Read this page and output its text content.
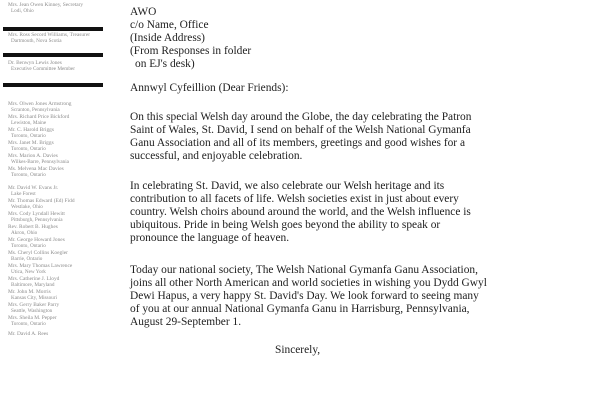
Mrs. Jean Owen Kinney, Secretary
Lodi, Ohio
Mrs. Ross Secord Williams, Treasurer
Dartmouth, Nova Scotia
Dr. Benwyn Lewis Jones
Executive Committee Member
Mrs. Olwen Jones Armstrong
Scranton, Pennsylvania
Mrs. Richard Price Bickford
Lewiston, Maine
Mr. C. Harold Briggs
Toronto, Ontario
Mrs. Janet M. Briggs
Toronto, Ontario
Mrs. Marion A. Davies
Wilkes-Barre, Pennsylvania
Ms. Melvena Mac Davies
Toronto, Ontario
Mr. David W. Evans Jr.
Lake Forest
Mr. Thomas Edward (Ed) Fidd
Westlake, Ohio
Mrs. Cody Lyndall Hewitt
Pittsburgh, Pennsylvania
Rev. Robert B. Hughes
Akron, Ohio
Mr. George Howard Jones
Toronto, Ontario
Ms. Cheryl Collins Koegler
Barrie, Ontario
Mrs. Mary Thomas Lawrence
Utica, New York
Mrs. Catherine J. Lloyd
Baltimore, Maryland
Mr. John M. Morris
Kansas City, Missouri
Mrs. Gerry Baker Parry
Seattle, Washington
Mrs. Sheila M. Pepper
Toronto, Ontario
Mr. David A. Rees
AWO
c/o Name, Office
(Inside Address)
(From Responses in folder
on EJ's desk)
Annwyl Cyfeillion (Dear Friends):
On this special Welsh day around the Globe, the day celebrating the Patron
Saint of Wales, St. David, I send on behalf of the Welsh National Gymanfa
Ganu Association and all of its members, greetings and good wishes for a
successful, and enjoyable celebration.
In celebrating St. David, we also celebrate our Welsh heritage and its
contribution to all facets of life. Welsh societies exist in just about every
country. Welsh choirs abound around the world, and the Welsh influence is
ubiquitous. Pride in being Welsh goes beyond the ability to speak or
pronounce the language of heaven.
Today our national society, The Welsh National Gymanfa Ganu Association,
joins all other North American and world societies in wishing you Dydd Gwyl
Dewi Hapus, a very happy St. David's Day. We look forward to seeing many
of you at our annual National Gymanfa Ganu in Harrisburg, Pennsylvania,
August 29-September 1.
Sincerely,
